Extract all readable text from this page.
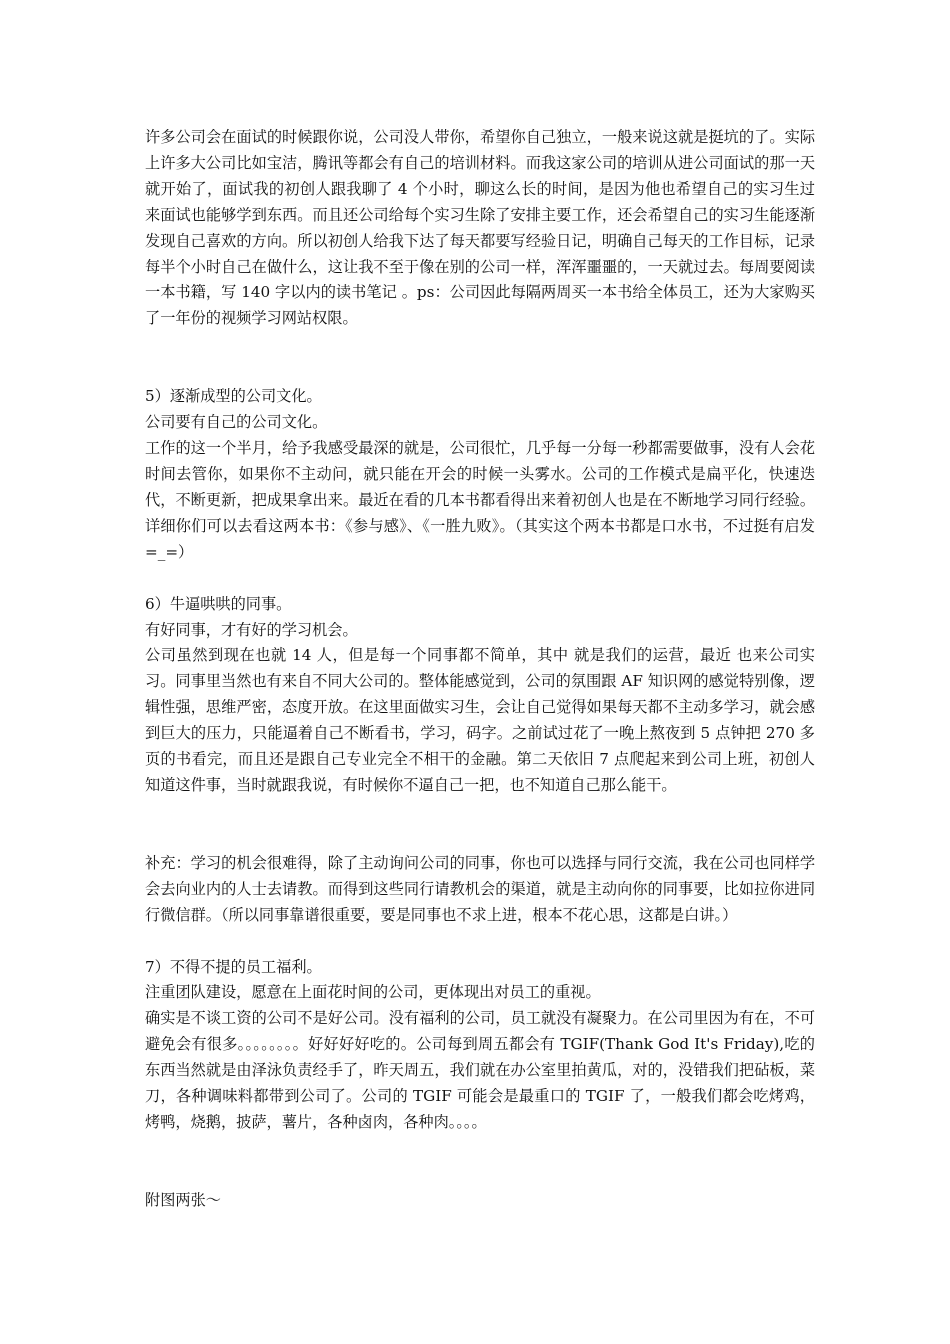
许多公司会在面试的时候跟你说，公司没人带你，希望你自己独立，一般来说这就是挺坑的了。实际上许多大公司比如宝洁，腾讯等都会有自己的培训材料。而我这家公司的培训从进公司面试的那一天就开始了，面试我的初创人跟我聊了 4 个小时，聊这么长的时间，是因为他也希望自己的实习生过来面试也能够学到东西。而且还公司给每个实习生除了安排主要工作，还会希望自己的实习生能逐渐发现自己喜欢的方向。所以初创人给我下达了每天都要写经验日记，明确自己每天的工作目标，记录每半个小时自己在做什么，这让我不至于像在别的公司一样，浑浑噩噩的，一天就过去。每周要阅读一本书籍，写 140 字以内的读书笔记 。ps：公司因此每隔两周买一本书给全体员工，还为大家购买了一年份的视频学习网站权限。

5）逐渐成型的公司文化。

公司要有自己的公司文化。

工作的这一个半月，给予我感受最深的就是，公司很忙，几乎每一分每一秒都需要做事，没有人会花时间去管你，如果你不主动问，就只能在开会的时候一头雾水。公司的工作模式是扁平化，快速迭代，不断更新，把成果拿出来。最近在看的几本书都看得出来着初创人也是在不断地学习同行经验。详细你们可以去看这两本书：《参与感》、《一胜九败》。（其实这个两本书都是口水书，不过挺有启发=_=）

6）牛逼哄哄的同事。

有好同事，才有好的学习机会。

公司虽然到现在也就 14 人，但是每一个同事都不简单，其中 就是我们的运营，最近 也来公司实习。同事里当然也有来自不同大公司的。整体能感觉到，公司的氛围跟 AF 知识网的感觉特别像，逻辑性强，思维严密，态度开放。在这里面做实习生，会让自己觉得如果每天都不主动多学习，就会感到巨大的压力，只能逼着自己不断看书，学习，码字。之前试过花了一晚上熬夜到 5 点钟把 270 多页的书看完，而且还是跟自己专业完全不相干的金融。第二天依旧 7 点爬起来到公司上班，初创人知道这件事，当时就跟我说，有时候你不逼自己一把，也不知道自己那么能干。

补充：学习的机会很难得，除了主动询问公司的同事，你也可以选择与同行交流，我在公司也同样学会去向业内的人士去请教。而得到这些同行请教机会的渠道，就是主动向你的同事要，比如拉你进同行微信群。（所以同事靠谱很重要，要是同事也不求上进，根本不花心思，这都是白讲。）

7）不得不提的员工福利。

注重团队建设，愿意在上面花时间的公司，更体现出对员工的重视。

确实是不谈工资的公司不是好公司。没有福利的公司，员工就没有凝聚力。在公司里因为有在，不可避免会有很多。。。。。。。。好好好好吃的。公司每到周五都会有 TGIF(Thank God It's Friday),吃的东西当然就是由泽泳负责经手了，昨天周五，我们就在办公室里拍黄瓜，对的，没错我们把砧板，菜刀，各种调味料都带到公司了。公司的 TGIF 可能会是最重口的 TGIF 了，一般我们都会吃烤鸡，烤鸭，烧鹅，披萨，薯片，各种卤肉，各种肉。。。。

附图两张～
